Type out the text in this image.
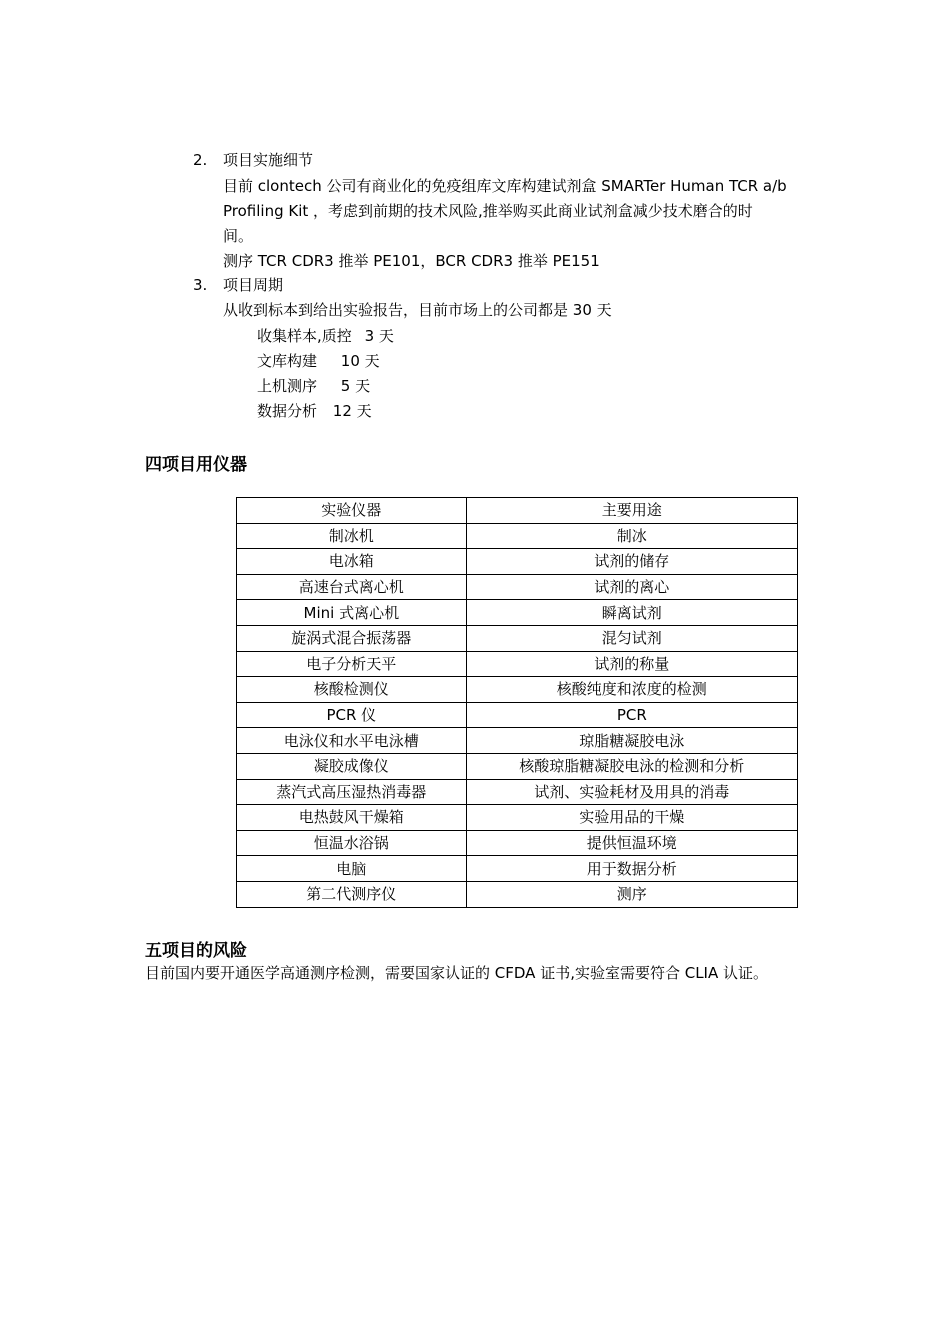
2. 项目实施细节
目前 clontech 公司有商业化的免疫组库文库构建试剂盒 SMARTer Human TCR a/b
Profiling Kit ，考虑到前期的技术风险,推举购买此商业试剂盒减少技术磨合的时
间。
测序 TCR CDR3 推举 PE101，BCR CDR3 推举 PE151
3. 项目周期
从收到标本到给出实验报告，目前市场上的公司都是 30 天
收集样本,质控 3 天
文库构建 10 天
上机测序 5 天
数据分析 12 天
四项目用仪器
实验仪器	主要用途
制冰机	制冰
电冰箱	试剂的储存
高速台式离心机	试剂的离心
Mini 式离心机	瞬离试剂
旋涡式混合振荡器	混匀试剂
电子分析天平	试剂的称量
核酸检测仪	核酸纯度和浓度的检测
PCR 仪	PCR
电泳仪和水平电泳槽	琼脂糖凝胶电泳
凝胶成像仪	核酸琼脂糖凝胶电泳的检测和分析
蒸汽式高压湿热消毒器	试剂、实验耗材及用具的消毒
电热鼓风干燥箱	实验用品的干燥
恒温水浴锅	提供恒温环境
电脑	用于数据分析
第二代测序仪	测序
五项目的风险
目前国内要开通医学高通测序检测，需要国家认证的 CFDA 证书,实验室需要符合 CLIA 认证。
